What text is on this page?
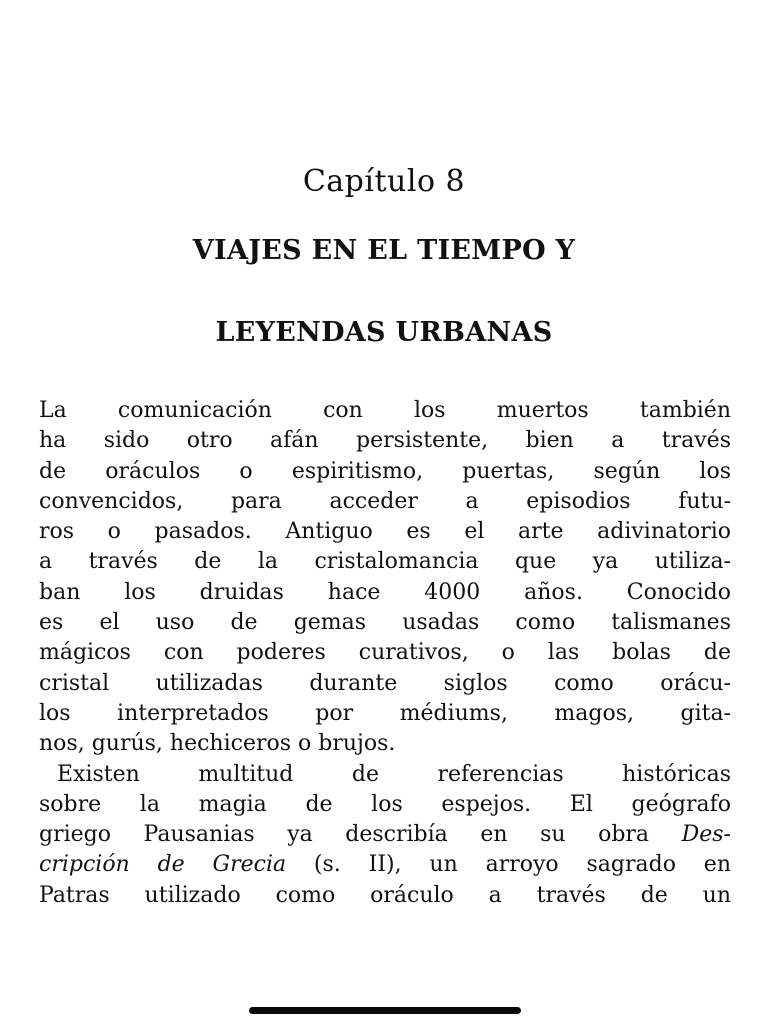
Capítulo 8
VIAJES EN EL TIEMPO Y
LEYENDAS URBANAS
La comunicación con los muertos también
ha sido otro afán persistente, bien a través
de oráculos o espiritismo, puertas, según los
convencidos, para acceder a episodios futu-
ros o pasados. Antiguo es el arte adivinatorio
a través de la cristalomancia que ya utiliza-
ban los druidas hace 4000 años. Conocido
es el uso de gemas usadas como talismanes
mágicos con poderes curativos, o las bolas de
cristal utilizadas durante siglos como orácu-
los interpretados por médiums, magos, gita-
nos, gurús, hechiceros o brujos.
Existen multitud de referencias históricas
sobre la magia de los espejos. El geógrafo
griego Pausanias ya describía en su obra Des-
cripción de Grecia (s. II), un arroyo sagrado en
Patras utilizado como oráculo a través de un
